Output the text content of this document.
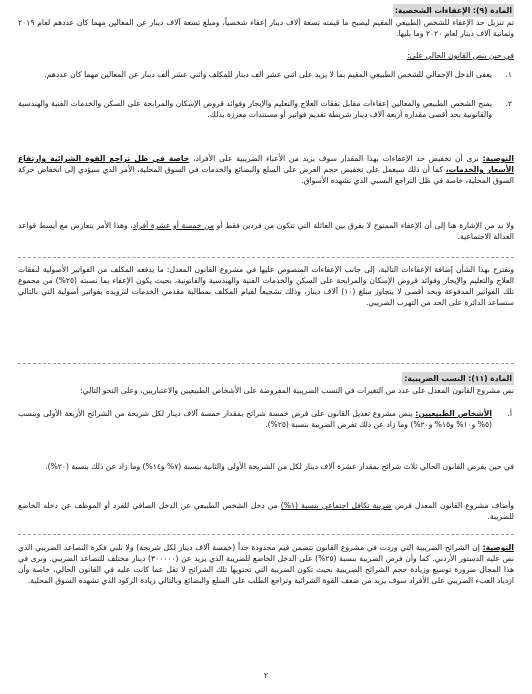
المادة (٩): الإعفاءات الشخصية:

تم تنزيل حد الإعفاء للشخص الطبيعي المقيم ليصبح ما قيمته تسعة ألاف دينار إعفاء شخصياً، ومبلغ تسعة آلاف دينار عن المعالين مهما كان عددهم لعام ٢٠١٩ وثمانية آلاف دينار لعام ٢٠٢٠ وما يليها.

في حين ينص القانون الحالي على:

١.
يعفى الدخل الإجمالي للشخص الطبيعي المقيم بما لا يزيد على اثني عشر ألف دينار للمكلف واثني عشر ألف دينار عن المعالين مهما كان عددهم.

٢.
يمنح الشخص الطبيعي والمعالين إعفاءات مقابل نفقات العلاج والتعليم والإيجار وفوائد قروض الإسكان والمرابحة على السكن والخدمات الفنية والهندسية والقانونية بحد أقصى مقداره أربعة آلاف دينار شريطة تقديم فواتير أو مستندات معززة بذلك.

التوصية: نرى أن تخفيض حد الإعفاءات بهذا المقدار سوف يزيد من الأعباء الضريبية على الأفراد، خاصة في ظل تراجع القوة الشرائية وارتفاع الأسعار والخدمات، كما أن ذلك سيعمل على تخفيض حجم العرض على السلع والبضائع والخدمات في السوق المحلية، الأمر الذي سيؤدي إلى انخفاض حركة السوق المحلية، خاصة في ظل التراجع النسبي الذي تشهده الأسواق.

ولا بد من الإشارة هنا إلى أن الإعفاء الممنوح لا يفرق بين العائلة التي تتكون من فردين فقط أو من خمسة أو عشرة أفراد، وهذا الأمر يتعارض مع أبسط قواعد العدالة الاجتماعية.

ونقترح بهذا الشأن إضافة الإعفاءات التالية، إلى جانب الإعفاءات المنصوص عليها في مشروع القانون المعدل: ما يدفعه المكلف من الفواتير الأصولية لنفقات العلاج والتعليم والإيجار وفوائد قروض الإسكان والمرابحة على السكن والخدمات الفنية والهندسية والقانونية، بحيث يكون الإعفاء بما نسبته (٢٥%) من مجموع تلك الفواتير المدفوعة وبحد أقصى لا يتجاوز مبلغ (١٠) آلاف دينار، وذلك تشجيعاً لقيام المكلف بمطالبة مقدمي الخدمات لتزويده بفواتير أصولية التي بالتالي ستساعد الدائرة على الحد من التهرب الضريبي.

المادة (١١): النسب الضريبية:

نص مشروع القانون المعدل على عدد من التغيرات في النسب الضريبية المفروضة على الأشخاص الطبيعيين والاعتباريين، وعلى النحو التالي:

أ.
الأشخاص الطبيعيين: ينص مشروع تعديل القانون على فرض خمسة شرائح بمقدار خمسة آلاف دينار لكل شريحة من الشرائح الأربعة الأولى وبنسب (٥% و١٠% و١٥% و٢٠%) وما زاد عن ذلك تفرض الضريبة بنسبة (٢٥%).

في حين يفرض القانون الحالي ثلاث شرائح بمقدار عشرة آلاف دينار لكل من الشريحة الأولى والثانية بنسبة (٧% و١٤%) وما زاد عن ذلك بنسبة (٢٠%).

وأضاف مشروع القانون المعدل فرض ضريبة تكافل اجتماعي بنسبة (١%) من دخل الشخص الطبيعي عن الدخل الصافي للفرد أو الموظف عن دخله الخاضع للضريبة.

التوصية: إن الشرائح الضريبية التي وردت في مشروع القانون تتضمن قيم محدودة جداً (خمسة آلاف دينار لكل شريحة) ولا تلبي فكرة التصاعد الضريبي الذي نص عليه الدستور الأردني. كما وأن فرض الضريبة بنسبة (٢٥%) على الدخل الخاضع للضريبة الذي يزيد عن (٣٠٠٠٠٠) دينار مختلف للتصاعد الضريبي. ونرى في هذا المجال ضرورة توسيع وزيادة حجم الشرائح الضريبية بحيث تكون الضريبة التي تحتويها تلك الشرائح لا تقل عما كانت عليه في القانون الحالي، خاصة وأن ازدياد العبء الضريبي على الأفراد سوف يزيد من ضعف القوة الشرائية وتراجع الطلب على السلع والبضائع وبالتالي زيادة الركود الذي تشهده السوق المحلية.

٢
